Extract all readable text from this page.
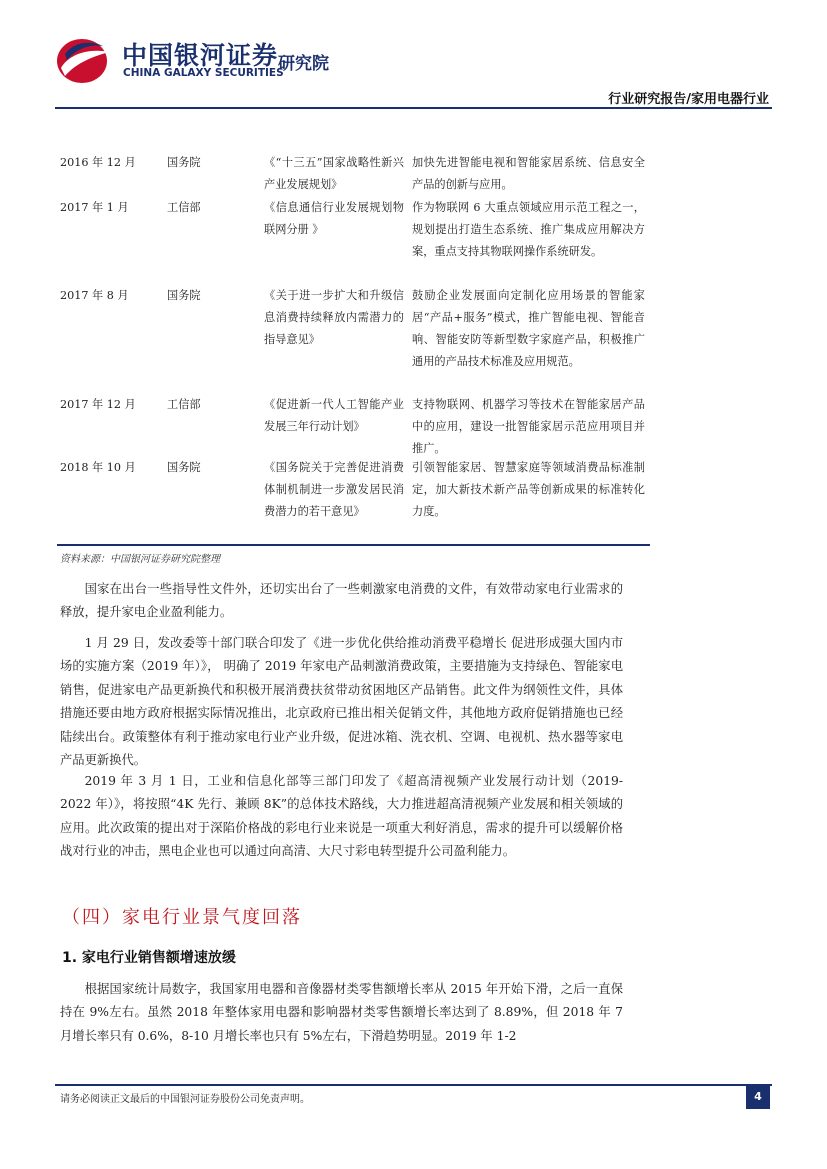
中国银河证券
CHINA GALAXY SECURITIES
研究院
行业研究报告/家用电器行业
2016 年 12 月	国务院	《“十三五”国家战略性新兴产业发展规划》
加快先进智能电视和智能家居系统、信息安全产品的创新与应用。
2017 年 1 月	工信部	《信息通信行业发展规划物联网分册 》
作为物联网 6 大重点领域应用示范工程之一，规划提出打造生态系统、推广集成应用解决方案，重点支持其物联网操作系统研发。
2017 年 8 月	国务院	《关于进一步扩大和升级信息消费持续释放内需潜力的指导意见》
鼓励企业发展面向定制化应用场景的智能家居“产品+服务”模式，推广智能电视、智能音响、智能安防等新型数字家庭产品，积极推广通用的产品技术标准及应用规范。
2017 年 12 月	工信部	《促进新一代人工智能产业发展三年行动计划》
支持物联网、机器学习等技术在智能家居产品中的应用，建设一批智能家居示范应用项目并推广。
2018 年 10 月	国务院	《国务院关于完善促进消费体制机制进一步激发居民消费潜力的若干意见》
引领智能家居、智慧家庭等领域消费品标准制定，加大新技术新产品等创新成果的标准转化力度。
资料来源：中国银河证券研究院整理
国家在出台一些指导性文件外，还切实出台了一些刺激家电消费的文件，有效带动家电行业需求的释放，提升家电企业盈利能力。
1 月 29 日，发改委等十部门联合印发了《进一步优化供给推动消费平稳增长 促进形成强大国内市场的实施方案（2019 年）》， 明确了 2019 年家电产品刺激消费政策，主要措施为支持绿色、智能家电销售，促进家电产品更新换代和积极开展消费扶贫带动贫困地区产品销售。此文件为纲领性文件，具体措施还要由地方政府根据实际情况推出，北京政府已推出相关促销文件，其他地方政府促销措施也已经陆续出台。政策整体有利于推动家电行业产业升级，促进冰箱、洗衣机、空调、电视机、热水器等家电产品更新换代。
2019 年 3 月 1 日，工业和信息化部等三部门印发了《超高清视频产业发展行动计划（2019-2022 年）》，将按照“4K 先行、兼顾 8K”的总体技术路线，大力推进超高清视频产业发展和相关领域的应用。此次政策的提出对于深陷价格战的彩电行业来说是一项重大利好消息，需求的提升可以缓解价格战对行业的冲击，黑电企业也可以通过向高清、大尺寸彩电转型提升公司盈利能力。
（四）家电行业景气度回落
1. 家电行业销售额增速放缓
根据国家统计局数字，我国家用电器和音像器材类零售额增长率从 2015 年开始下滑，之后一直保持在 9%左右。虽然 2018 年整体家用电器和影响器材类零售额增长率达到了 8.89%，但 2018 年 7 月增长率只有 0.6%，8-10 月增长率也只有 5%左右，下滑趋势明显。2019 年 1-2
请务必阅读正文最后的中国银河证券股份公司免责声明。	4
